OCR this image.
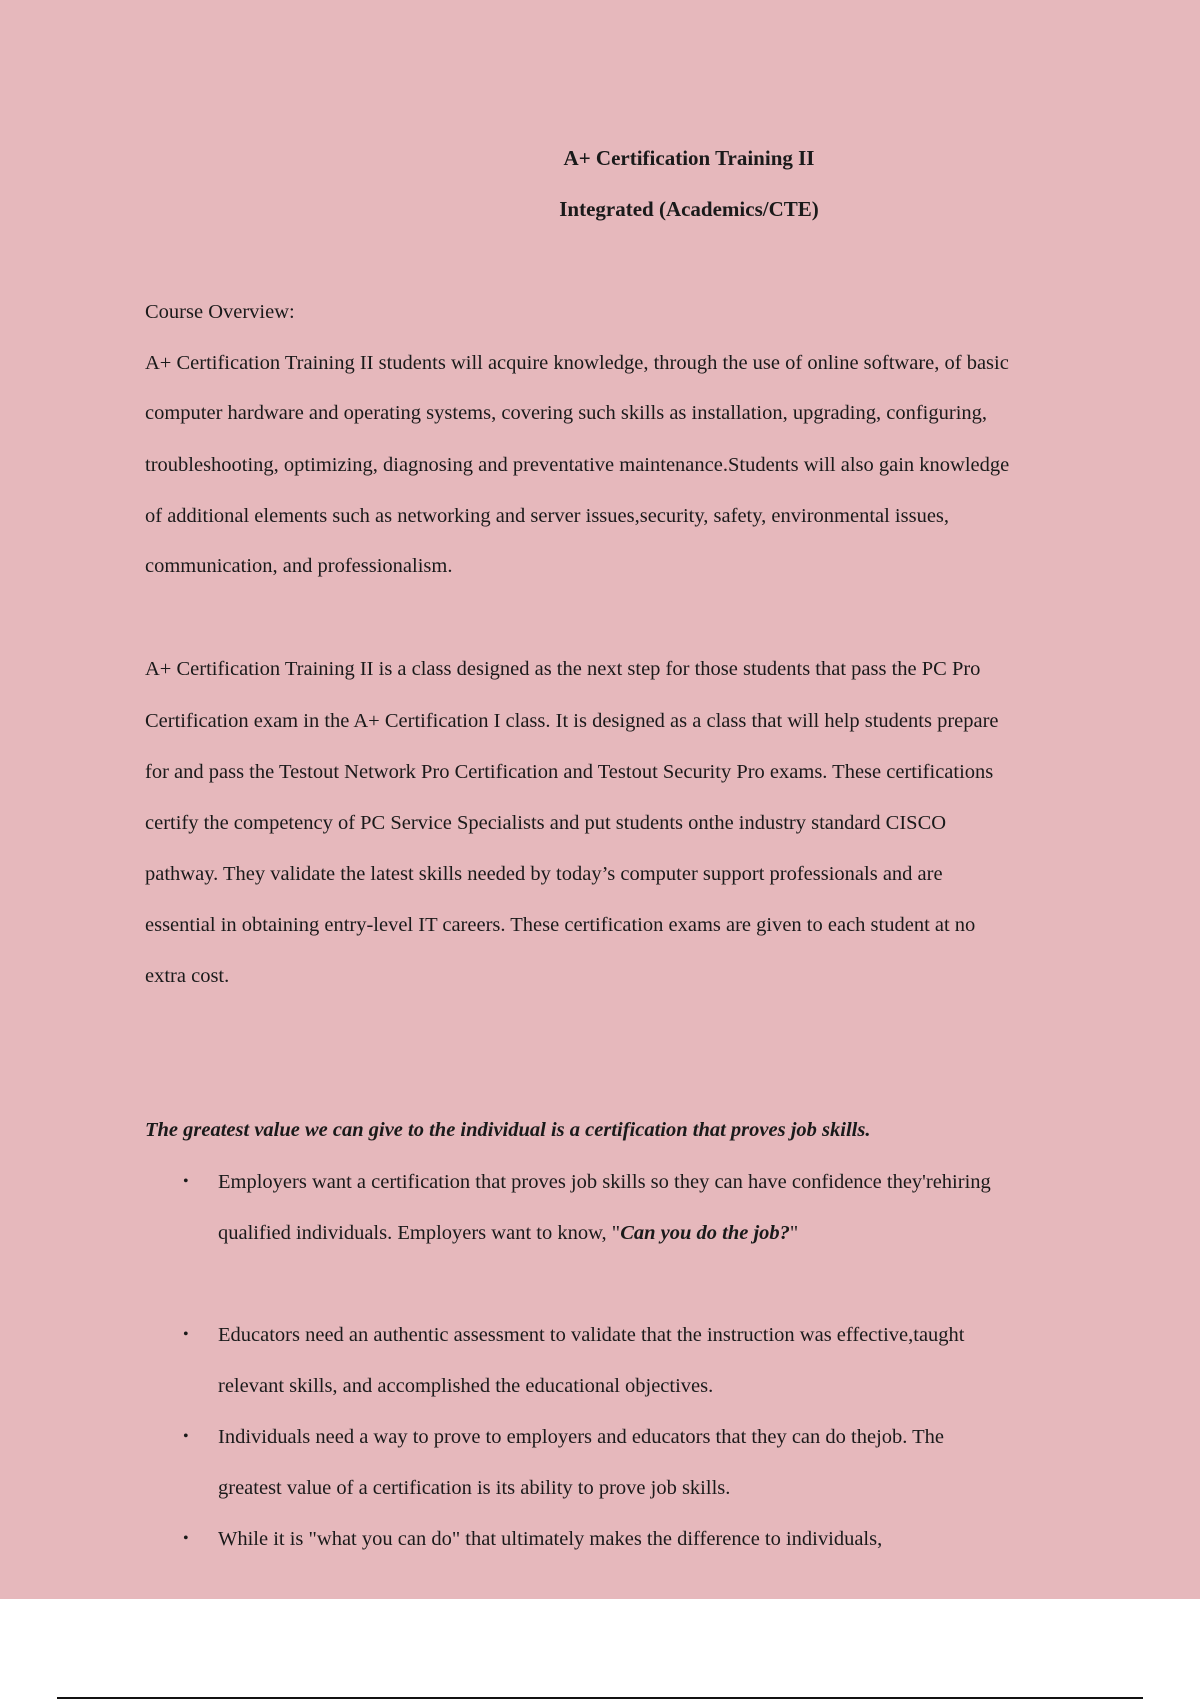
A+ Certification Training II
Integrated (Academics/CTE)
Course Overview:
A+ Certification Training II students will acquire knowledge, through the use of online software, of basic
computer hardware and operating systems, covering such skills as installation, upgrading, configuring,
troubleshooting, optimizing, diagnosing and preventative maintenance.Students will also gain knowledge
of additional elements such as networking and server issues,security, safety, environmental issues,
communication, and professionalism.
A+ Certification Training II is a class designed as the next step for those students that pass the PC Pro
Certification exam in the A+ Certification I class. It is designed as a class that will help students prepare
for and pass the Testout Network Pro Certification and Testout Security Pro exams. These certifications
certify the competency of PC Service Specialists and put students onthe industry standard CISCO
pathway. They validate the latest skills needed by today’s computer support professionals and are
essential in obtaining entry-level IT careers. These certification exams are given to each student at no
extra cost.
The greatest value we can give to the individual is a certification that proves job skills.
• Employers want a certification that proves job skills so they can have confidence they'rehiring
qualified individuals. Employers want to know, "Can you do the job?"
• Educators need an authentic assessment to validate that the instruction was effective,taught
relevant skills, and accomplished the educational objectives.
• Individuals need a way to prove to employers and educators that they can do thejob. The
greatest value of a certification is its ability to prove job skills.
• While it is "what you can do" that ultimately makes the difference to individuals,
